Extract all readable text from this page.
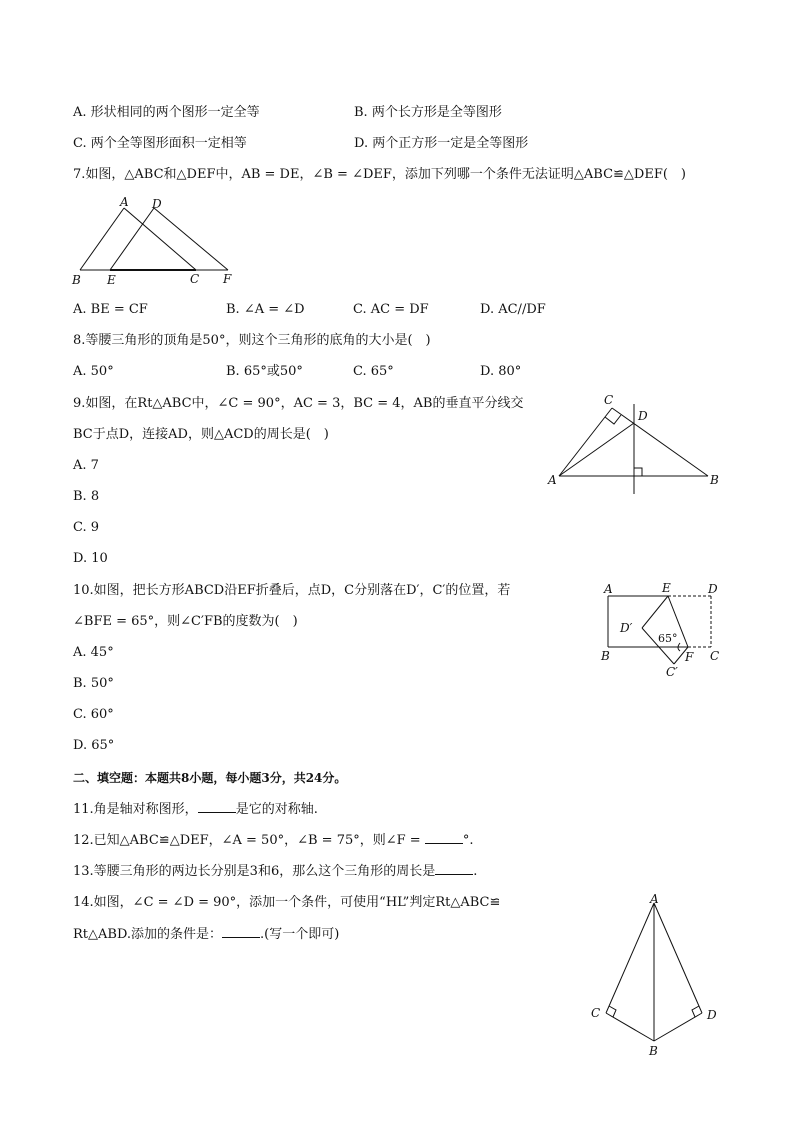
A. 形状相同的两个图形一定全等	B. 两个长方形是全等图形
C. 两个全等图形面积一定相等	D. 两个正方形一定是全等图形
7.如图，△ABC和△DEF中，AB = DE，∠B = ∠DEF，添加下列哪一个条件无法证明△ABC≌△DEF(　)
A D
B E	C F
A. BE = CF	B. ∠A = ∠D	C. AC = DF	D. AC//DF
8.等腰三角形的顶角是50°，则这个三角形的底角的大小是(　)
A. 50°	B. 65°或50°	C. 65°	D. 80°
9.如图，在Rt△ABC中，∠C = 90°，AC = 3，BC = 4，AB的垂直平分线交
BC于点D，连接AD，则△ACD的周长是(　)
A. 7
B. 8
C. 9
D. 10
C
D
A	B
10.如图，把长方形ABCD沿EF折叠后，点D，C分别落在D′，C′的位置，若
∠BFE = 65°，则∠C′FB的度数为(　)
A. 45°
B. 50°
C. 60°
D. 65°
A	E	D
D′
65°
B	F C
C′
二、填空题：本题共8小题，每小题3分，共24分。
11.角是轴对称图形，	是它的对称轴.
12.已知△ABC≌△DEF，∠A = 50°，∠B = 75°，则∠F =	°.
13.等腰三角形的两边长分别是3和6，那么这个三角形的周长是	.
14.如图，∠C = ∠D = 90°，添加一个条件，可使用“HL”判定Rt△ABC≌
Rt△ABD.添加的条件是：	.(写一个即可)
A
C	D
B
